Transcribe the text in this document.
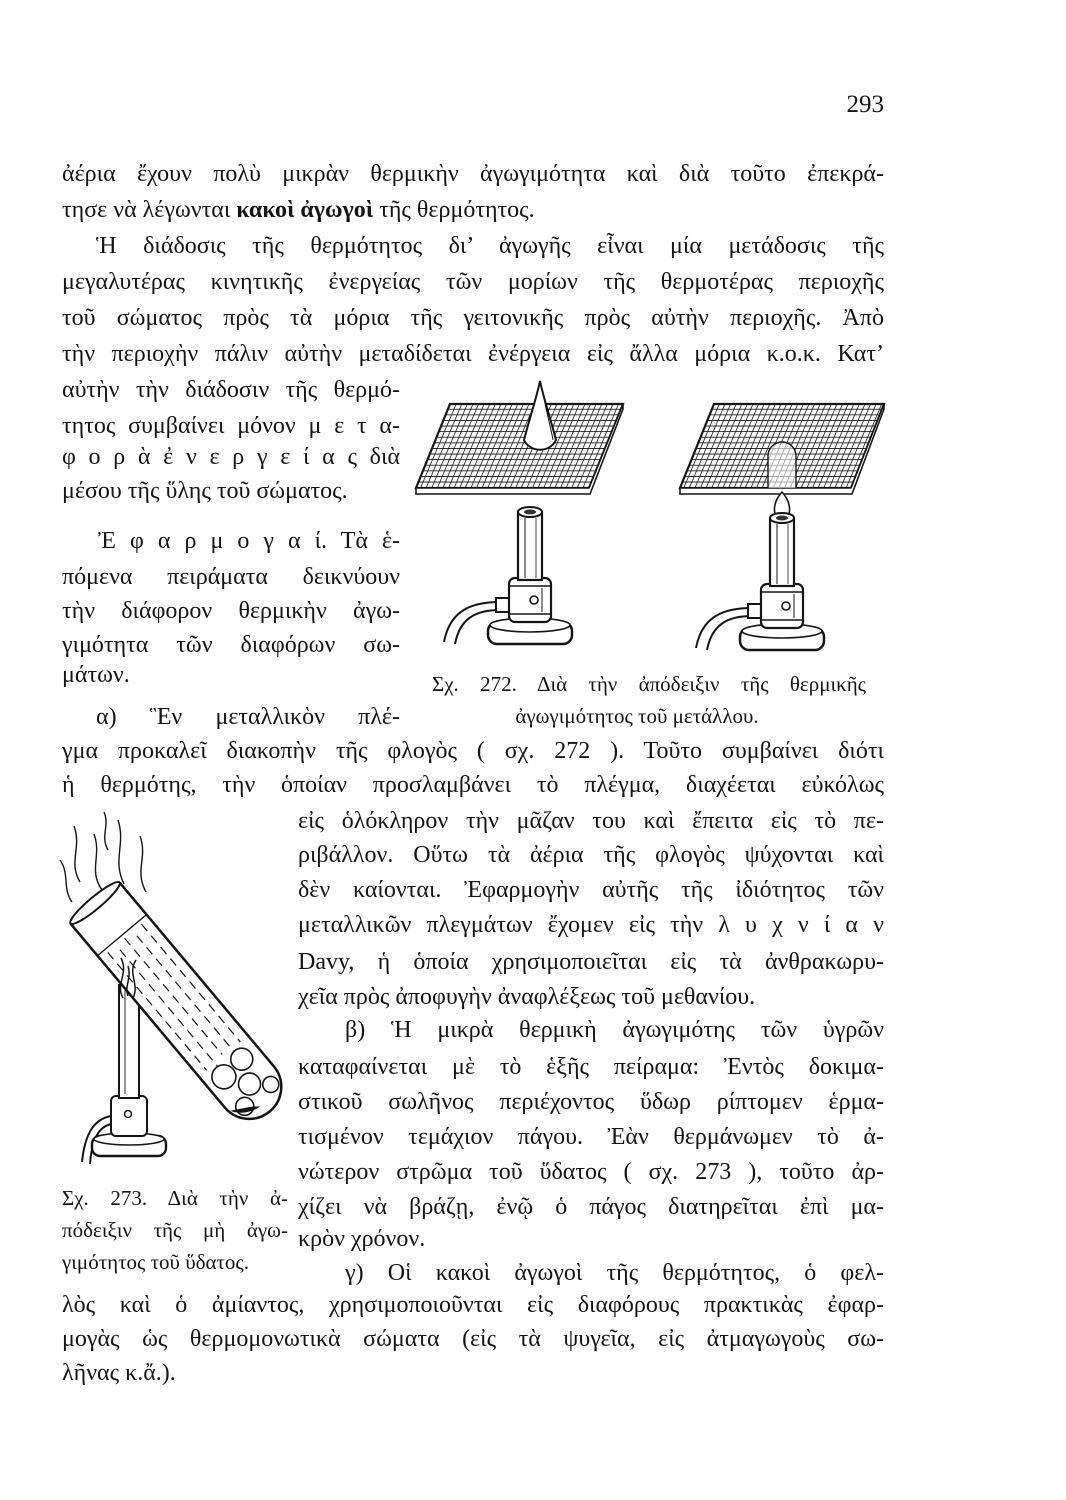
293
ἀέρια ἔχουν πολὺ μικρὰν θερμικὴν ἀγωγιμότητα καὶ διὰ τοῦτο ἐπεκρά-
τησε νὰ λέγωνται κακοὶ ἀγωγοὶ τῆς θερμότητος.
Ἡ διάδοσις τῆς θερμότητος δι’ ἀγωγῆς εἶναι μία μετάδοσις τῆς
μεγαλυτέρας κινητικῆς ἐνεργείας τῶν μορίων τῆς θερμοτέρας περιοχῆς
τοῦ σώματος πρὸς τὰ μόρια τῆς γειτονικῆς πρὸς αὐτὴν περιοχῆς. Ἀπὸ
τὴν περιοχὴν πάλιν αὐτὴν μεταδίδεται ἐνέργεια εἰς ἄλλα μόρια κ.ο.κ. Κατ’
αὐτὴν τὴν διάδοσιν τῆς θερμό-
τητος συμβαίνει μόνον μ ε τ α-
φ ο ρ ὰ ἐ ν ε ρ γ ε ί α ς διὰ
μέσου τῆς ὕλης τοῦ σώματος.
Ἐ φ α ρ μ ο γ α ί. Τὰ ἑ-
πόμενα πειράματα δεικνύουν
τὴν διάφορον θερμικὴν ἀγω-
γιμότητα τῶν διαφόρων σω-
μάτων.
α) Ἓν μεταλλικὸν πλέ-
Σχ. 272. Διὰ τὴν ἀπόδειξιν τῆς θερμικῆς
ἀγωγιμότητος τοῦ μετάλλου.
γμα προκαλεῖ διακοπὴν τῆς φλογὸς ( σχ. 272 ). Τοῦτο συμβαίνει διότι
ἡ θερμότης, τὴν ὁποίαν προσλαμβάνει τὸ πλέγμα, διαχέεται εὐκόλως
εἰς ὁλόκληρον τὴν μᾶζαν του καὶ ἔπειτα εἰς τὸ πε-
ριβάλλον. Οὕτω τὰ ἀέρια τῆς φλογὸς ψύχονται καὶ
δὲν καίονται. Ἐφαρμογὴν αὐτῆς τῆς ἰδιότητος τῶν
μεταλλικῶν πλεγμάτων ἔχομεν εἰς τὴν λ υ χ ν ί α ν
Davy, ἡ ὁποία χρησιμοποιεῖται εἰς τὰ ἀνθρακωρυ-
χεῖα πρὸς ἀποφυγὴν ἀναφλέξεως τοῦ μεθανίου.
β) Ἡ μικρὰ θερμικὴ ἀγωγιμότης τῶν ὑγρῶν
καταφαίνεται μὲ τὸ ἑξῆς πείραμα: Ἐντὸς δοκιμα-
στικοῦ σωλῆνος περιέχοντος ὕδωρ ρίπτομεν ἑρμα-
τισμένον τεμάχιον πάγου. Ἐὰν θερμάνωμεν τὸ ἀ-
νώτερον στρῶμα τοῦ ὕδατος ( σχ. 273 ), τοῦτο ἀρ-
χίζει νὰ βράζῃ, ἐνῷ ὁ πάγος διατηρεῖται ἐπὶ μα-
κρὸν χρόνον.
Σχ. 273. Διὰ τὴν ἀ-
πόδειξιν τῆς μὴ ἀγω-
γιμότητος τοῦ ὕδατος.	γ) Οἱ κακοὶ ἀγωγοὶ τῆς θερμότητος, ὁ φελ-
λὸς καὶ ὁ ἀμίαντος, χρησιμοποιοῦνται εἰς διαφόρους πρακτικὰς ἐφαρ-
μογὰς ὡς θερμομονωτικὰ σώματα (εἰς τὰ ψυγεῖα, εἰς ἀτμαγωγοὺς σω-
λῆνας κ.ἄ.).
